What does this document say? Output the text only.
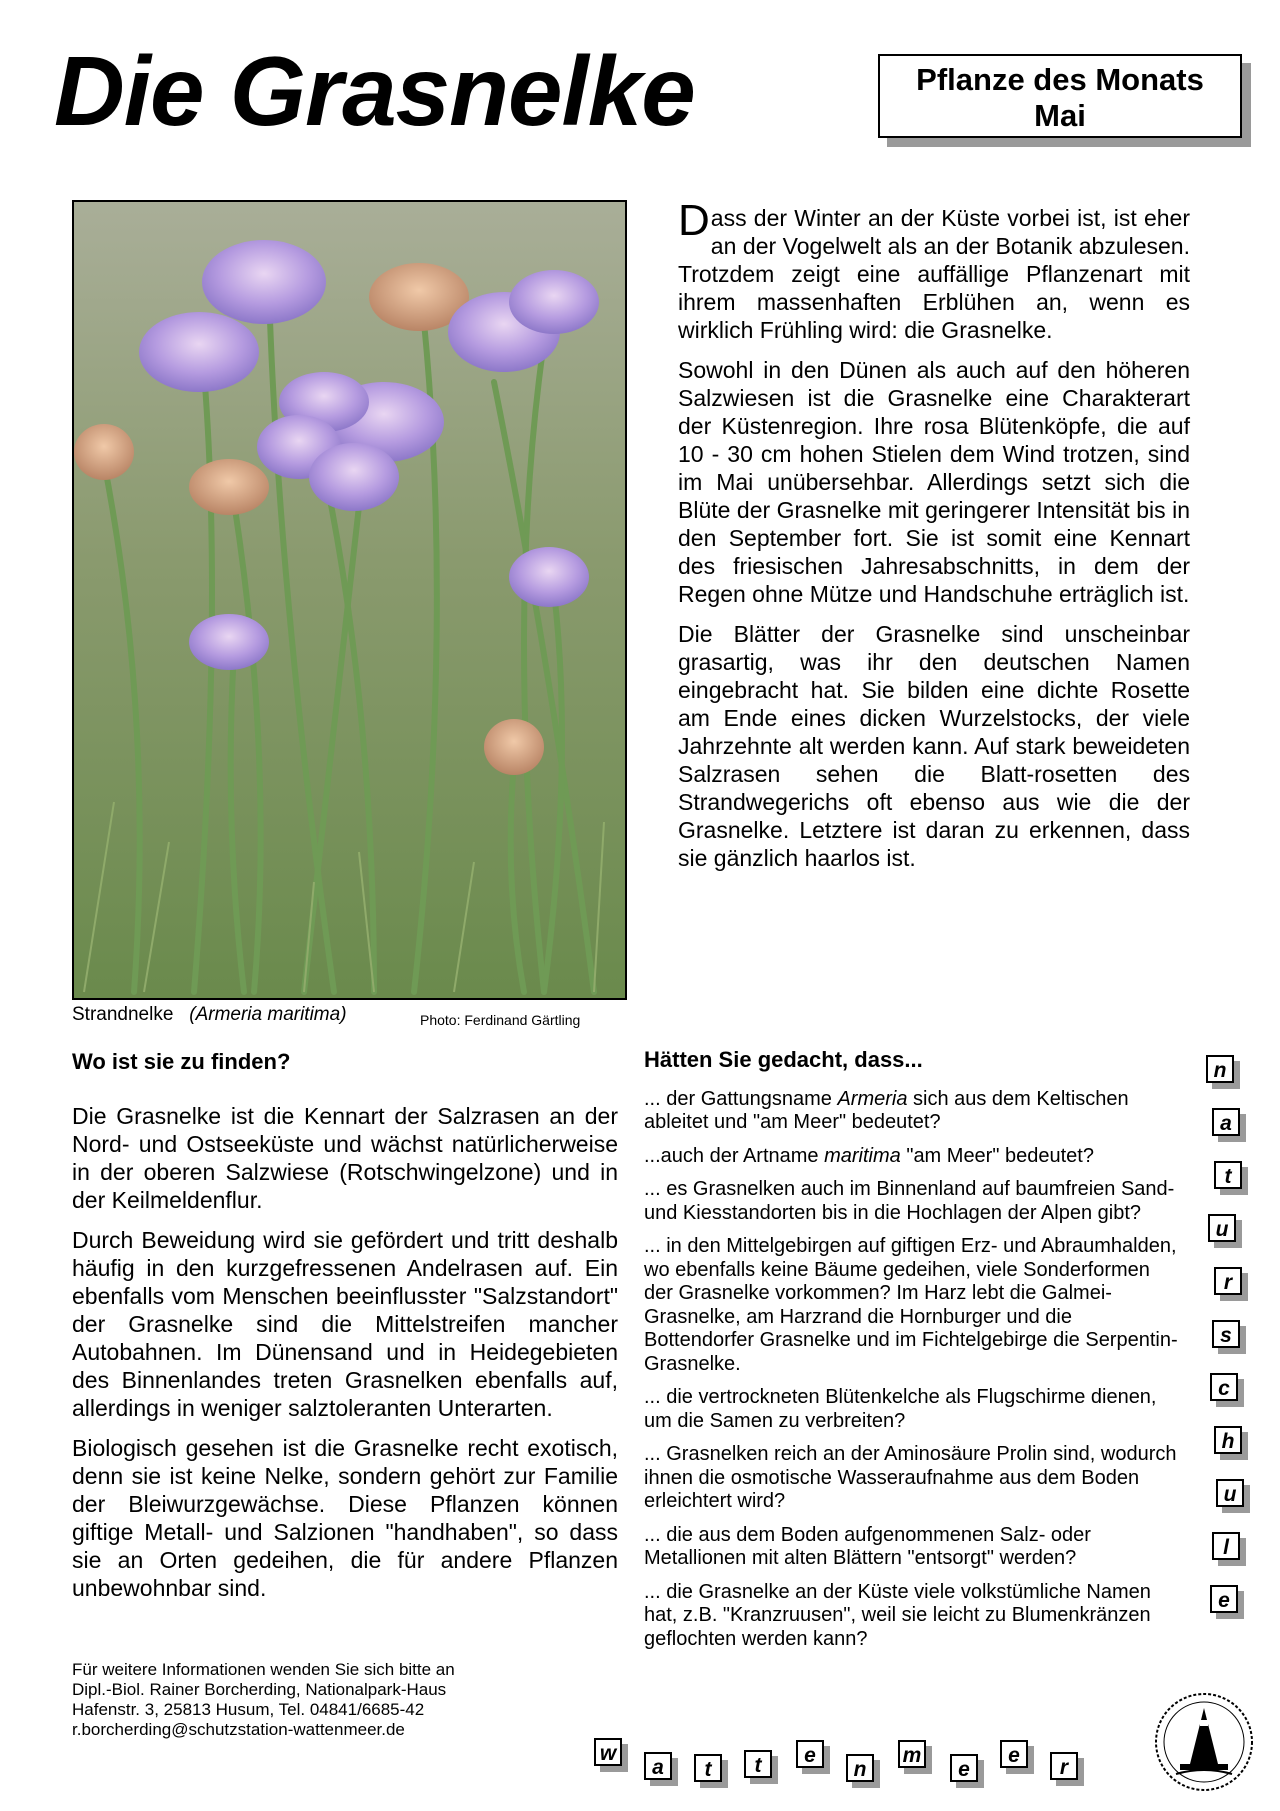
Die Grasnelke	Pflanze des Monats
Mai
Strandnelke (Armeria maritima)	Photo: Ferdinand Gärtling

Dass der Winter an der Küste vorbei ist, ist eher an der Vogelwelt als an der Botanik abzulesen. Trotzdem zeigt eine auffällige Pflanzenart mit ihrem massenhaften Erblühen an, wenn es wirklich Frühling wird: die Grasnelke.

Sowohl in den Dünen als auch auf den höheren Salzwiesen ist die Grasnelke eine Charakterart der Küstenregion. Ihre rosa Blütenköpfe, die auf 10 - 30 cm hohen Stielen dem Wind trotzen, sind im Mai unübersehbar. Allerdings setzt sich die Blüte der Grasnelke mit geringerer Intensität bis in den September fort. Sie ist somit eine Kennart des friesischen Jahresabschnitts, in dem der Regen ohne Mütze und Handschuhe erträglich ist.

Die Blätter der Grasnelke sind unscheinbar grasartig, was ihr den deutschen Namen eingebracht hat. Sie bilden eine dichte Rosette am Ende eines dicken Wurzelstocks, der viele Jahrzehnte alt werden kann. Auf stark beweideten Salzrasen sehen die Blatt-rosetten des Strandwegerichs oft ebenso aus wie die der Grasnelke. Letztere ist daran zu erkennen, dass sie gänzlich haarlos ist.

Wo ist sie zu finden?

Die Grasnelke ist die Kennart der Salzrasen an der Nord- und Ostseeküste und wächst natürlicherweise in der oberen Salzwiese (Rotschwingelzone) und in der Keilmeldenflur.

Durch Beweidung wird sie gefördert und tritt deshalb häufig in den kurzgefressenen Andelrasen auf. Ein ebenfalls vom Menschen beeinflusster "Salzstandort" der Grasnelke sind die Mittelstreifen mancher Autobahnen. Im Dünensand und in Heidegebieten des Binnenlandes treten Grasnelken ebenfalls auf, allerdings in weniger salztoleranten Unterarten.

Biologisch gesehen ist die Grasnelke recht exotisch, denn sie ist keine Nelke, sondern gehört zur Familie der Bleiwurzgewächse. Diese Pflanzen können giftige Metall- und Salzionen "handhaben", so dass sie an Orten gedeihen, die für andere Pflanzen unbewohnbar sind.

Hätten Sie gedacht, dass...
... der Gattungsname Armeria sich aus dem Keltischen ableitet und "am Meer" bedeutet?
...auch der Artname maritima "am Meer" bedeutet?
... es Grasnelken auch im Binnenland auf baumfreien Sand- und Kiesstandorten bis in die Hochlagen der Alpen gibt?
... in den Mittelgebirgen auf giftigen Erz- und Abraumhalden, wo ebenfalls keine Bäume gedeihen, viele Sonderformen der Grasnelke vorkommen? Im Harz lebt die Galmei-Grasnelke, am Harzrand die Hornburger und die Bottendorfer Grasnelke und im Fichtelgebirge die Serpentin-Grasnelke.
... die vertrockneten Blütenkelche als Flugschirme dienen, um die Samen zu verbreiten?
... Grasnelken reich an der Aminosäure Prolin sind, wodurch ihnen die osmotische Wasseraufnahme aus dem Boden erleichtert wird?
... die aus dem Boden aufgenommenen Salz- oder Metallionen mit alten Blättern "entsorgt" werden?
... die Grasnelke an der Küste viele volkstümliche Namen hat, z.B. "Kranzruusen", weil sie leicht zu Blumenkränzen geflochten werden kann?
Für weitere Informationen wenden Sie sich bitte an
Dipl.-Biol. Rainer Borcherding, Nationalpark-Haus
Hafenstr. 3, 25813 Husum, Tel. 04841/6685-42
r.borcherding@schutzstation-wattenmeer.de
n
a
t
u
r
s
c
h
u
l
e
w
a	t	t	e
n
m
e
e
r
